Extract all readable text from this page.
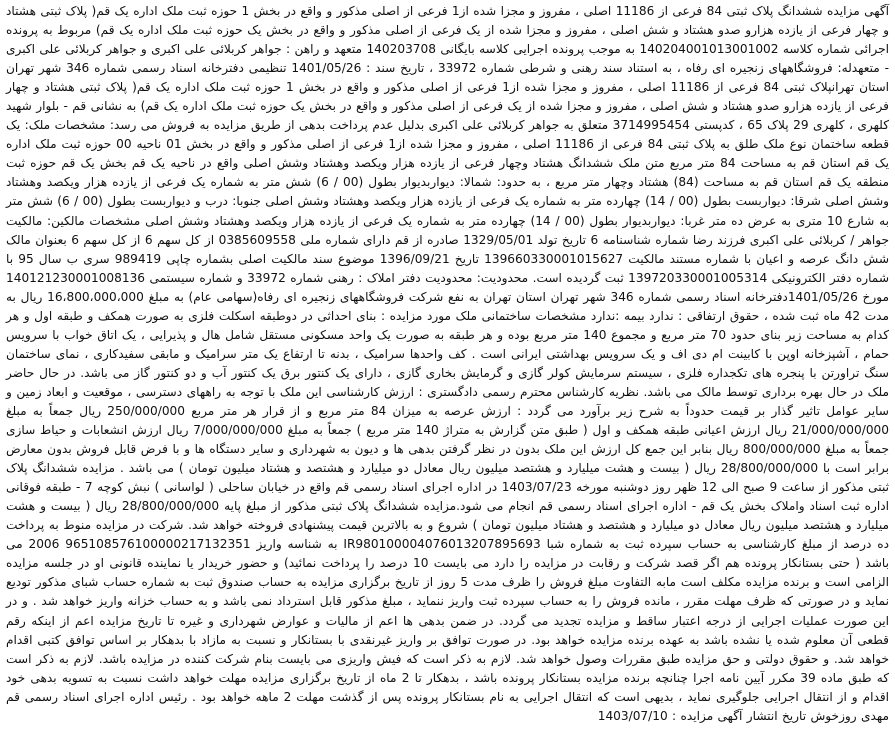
آگهی مزایده ششدانگ پلاک ثبتی 84 فرعی از 11186 اصلی ، مفروز و مجزا شده از1 فرعی از اصلی مذکور و واقع در بخش 1 حوزه ثبت ملک اداره یک قم( پلاک ثبتی هشتاد و چهار فرعی از یازده هزارو صدو هشتاد و شش اصلی ، مفروز و مجزا شده از یک فرعی از اصلی مذکور و واقع در بخش یک حوزه ثبت ملک اداره یک قم) مربوط به پرونده اجرائی شماره کلاسه 140204001013001002 به موجب پرونده اجرایی کلاسه بایگانی 140203708 متعهد و راهن : جواهر کربلائی علی اکبری و جواهر کربلائی علی اکبری - متعهدله: فروشگاههای زنجیره ای رفاه ، به استناد سند رهنی و شرطی شماره 33972 ، تاریخ سند : 1401/05/26 تنظیمی دفترخانه اسناد رسمی شماره 346 شهر تهران استان تهرانپلاک ثبتی 84 فرعی از 11186 اصلی ، مفروز و مجزا شده از1 فرعی از اصلی مذکور و واقع در بخش 1 حوزه ثبت ملک اداره یک قم( پلاک ثبتی هشتاد و چهار فرعی از یازده هزارو صدو هشتاد و شش اصلی ، مفروز و مجزا شده از یک فرعی از اصلی مذکور و واقع در بخش یک حوزه ثبت ملک اداره یک قم) به نشانی قم - بلوار شهید کلهری ، کلهری 29 پلاک 65 ، کدپستی 3714995454 متعلق به جواهر کربلائی علی اکبری بدلیل عدم پرداخت بدهی از طریق مزایده به فروش می رسد: مشخصات ملک: یک قطعه ساختمان نوع ملک طلق به پلاک ثبتی 84 فرعی از 11186 اصلی ، مفروز و مجزا شده از1 فرعی از اصلی مذکور و واقع در بخش 01 ناحیه 00 حوزه ثبت ملک اداره یک قم استان قم به مساحت 84 متر مربع متن ملک ششدانگ هشتاد وچهار فرعی از یازده هزار ویکصد وهشتاد وشش اصلی واقع در ناحیه یک قم بخش یک قم حوزه ثبت منطقه یک قم استان قم به مساحت (84) هشتاد وچهار متر مربع ، به حدود: شمالا: دیواربدیوار بطول (00 / 6) شش متر به شماره یک فرعی از یازده هزار ویکصد وهشتاد وشش اصلی شرقا: دیواربست بطول (00 / 14) چهارده متر به شماره یک فرعی از یازده هزار ویکصد وهشتاد وشش اصلی جنوبا: درب و دیواربست بطول (00 / 6) شش متر به شارع 10 متری به عرض ده متر غربا: دیواربدیوار بطول (00 / 14) چهارده متر به شماره یک فرعی از یازده هزار ویکصد وهشتاد وشش اصلی مشخصات مالکین: مالکیت جواهر / کربلائی علی اکبری فرزند رضا شماره شناسنامه 6 تاریخ تولد 1329/05/01 صادره از قم دارای شماره ملی 0385609558 از کل سهم 6 از کل سهم 6 بعنوان مالک شش دانگ عرصه و اعیان با شماره مستند مالکیت 139660330001015627 تاریخ 1396/09/21 موضوع سند مالکیت اصلی بشماره چاپی 989419 سری ب سال 95 با شماره دفتر الکترونیکی 139720330001005314 ثبت گردیده است. محدودیت: محدودیت دفتر املاک : رهنی شماره 33972 و شماره سیستمی 140121230001008136 مورخ 1401/05/26دفترخانه اسناد رسمی شماره 346 شهر تهران استان تهران به نفع شرکت فروشگاههای زنجیره ای رفاه(سهامی عام) به مبلغ 16،800،000،000 ریال به مدت 42 ماه ثبت شده ، حقوق ارتفاقی : ندارد بیمه :ندارد مشخصات ساختمانی ملک مورد مزایده : بنای احداثی در دوطبقه اسکلت فلزی به صورت همکف و طبقه اول و هر کدام به مساحت زیر بنای حدود 70 متر مربع و مجموع 140 متر مربع بوده و هر طبقه به صورت یک واحد مسکونی مستقل شامل هال و پذیرایی ، یک اتاق خواب با سرویس حمام ، آشپزخانه اوپن با کابینت ام دی اف و یک سرویس بهداشتی ایرانی است . کف واحدها سرامیک ، بدنه تا ارتفاع یک متر سرامیک و مابقی سفیدکاری ، نمای ساختمان سنگ تراورتن با پنجره های تکجداره فلزی ، سیستم سرمایش کولر گازی و گرمایش بخاری گازی ، دارای یک کنتور برق یک کنتور آب و دو کنتور گاز می باشد. در حال حاضر ملک در حال بهره برداری توسط مالک می باشد. نظریه کارشناس محترم رسمی دادگستری : ارزش کارشناسی این ملک با توجه به راههای دسترسی ، موقعیت و ابعاد زمین و سایر عوامل تاثیر گذار بر قیمت حدوداً به شرح زیر برآورد می گردد : ارزش عرصه به میزان 84 متر مربع و از قرار هر متر مربع 250/000/000 ریال جمعاً به مبلغ 21/000/000/000 ریال ارزش اعیانی طبقه همکف و اول ( طبق متن گزارش به متراژ 140 متر مربع ) جمعاً به مبلغ 7/000/000/000 ریال ارزش انشعابات و حیاط سازی جمعاً به مبلغ 800/000/000 ریال بنابر این جمع کل ارزش این ملک بدون در نظر گرفتن بدهی ها و دیون به شهرداری و سایر دستگاه ها و با فرض قابل فروش بدون معارض برابر است با 28/800/000/000 ریال ( بیست و هشت میلیارد و هشتصد میلیون ریال معادل دو میلیارد و هشتصد و هشتاد میلیون تومان ) می باشد . مزایده ششدانگ پلاک ثبتی مذکور از ساعت 9 صبح الی 12 ظهر روز دوشنبه مورخه 1403/07/23 در اداره اجرای اسناد رسمی قم واقع در خیابان ساحلی ( لواسانی ) نبش کوچه 7 - طبقه فوقانی اداره ثبت اسناد واملاک بخش یک قم - اداره اجرای اسناد رسمی قم انجام می شود.مزایده ششدانگ پلاک ثبتی مذکور از مبلغ پایه 28/800/000/000 ریال ( بیست و هشت میلیارد و هشتصد میلیون ریال معادل دو میلیارد و هشتصد و هشتاد میلیون تومان ) شروع و به بالاترین قیمت پیشنهادی فروخته خواهد شد. شرکت در مزایده منوط به پرداخت ده درصد از مبلغ کارشناسی به حساب سپرده ثبت به شماره شبا IR980100004076013207895693 به شناسه واریز 965108576100000217132351 2006 می باشد ( حتی بستانکار پرونده هم اگر قصد شرکت و رقابت در مزایده را دارد می بایست 10 درصد را پرداخت نمائید) و حضور خریدار یا نماینده قانونی او در جلسه مزایده الزامی است و برنده مزایده مکلف است مابه التفاوت مبلغ فروش را ظرف مدت 5 روز از تاریخ برگزاری مزایده به حساب صندوق ثبت به شماره حساب شبای مذکور تودیع نماید و در صورتی که ظرف مهلت مقرر ، مانده فروش را به حساب سپرده ثبت واریز ننماید ، مبلغ مذکور قابل استرداد نمی باشد و به حساب خزانه واریز خواهد شد . و در این صورت عملیات اجرایی از درجه اعتبار ساقط و مزایده تجدید می گردد. در ضمن بدهی ها اعم از مالیات و عوارض شهرداری و غیره تا تاریخ مزایده اعم از اینکه رقم قطعی آن معلوم شده یا نشده باشد به عهده برنده مزایده خواهد بود. در صورت توافق بر واریز غیرنقدی با بستانکار و نسبت به مازاد با بدهکار بر اساس توافق کتبی اقدام خواهد شد. و حقوق دولتی و حق مزایده طبق مقررات وصول خواهد شد. لازم به ذکر است که فیش واریزی می بایست بنام شرکت کننده در مزایده باشد. لازم به ذکر است که طبق ماده 39 مکرر آیین نامه اجرا چنانچه برنده مزایده بستانکار پرونده باشد ، بدهکار تا 2 ماه از تاریخ برگزاری مزایده مهلت خواهد داشت نسبت به تسویه بدهی خود اقدام و از انتقال اجرایی جلوگیری نماید ، بدیهی است که انتقال اجرایی به نام بستانکار پرونده پس از گذشت مهلت 2 ماهه خواهد بود . رئیس اداره اجرای اسناد رسمی قم مهدی روزخوش تاریخ انتشار آگهی مزایده : 1403/07/10
